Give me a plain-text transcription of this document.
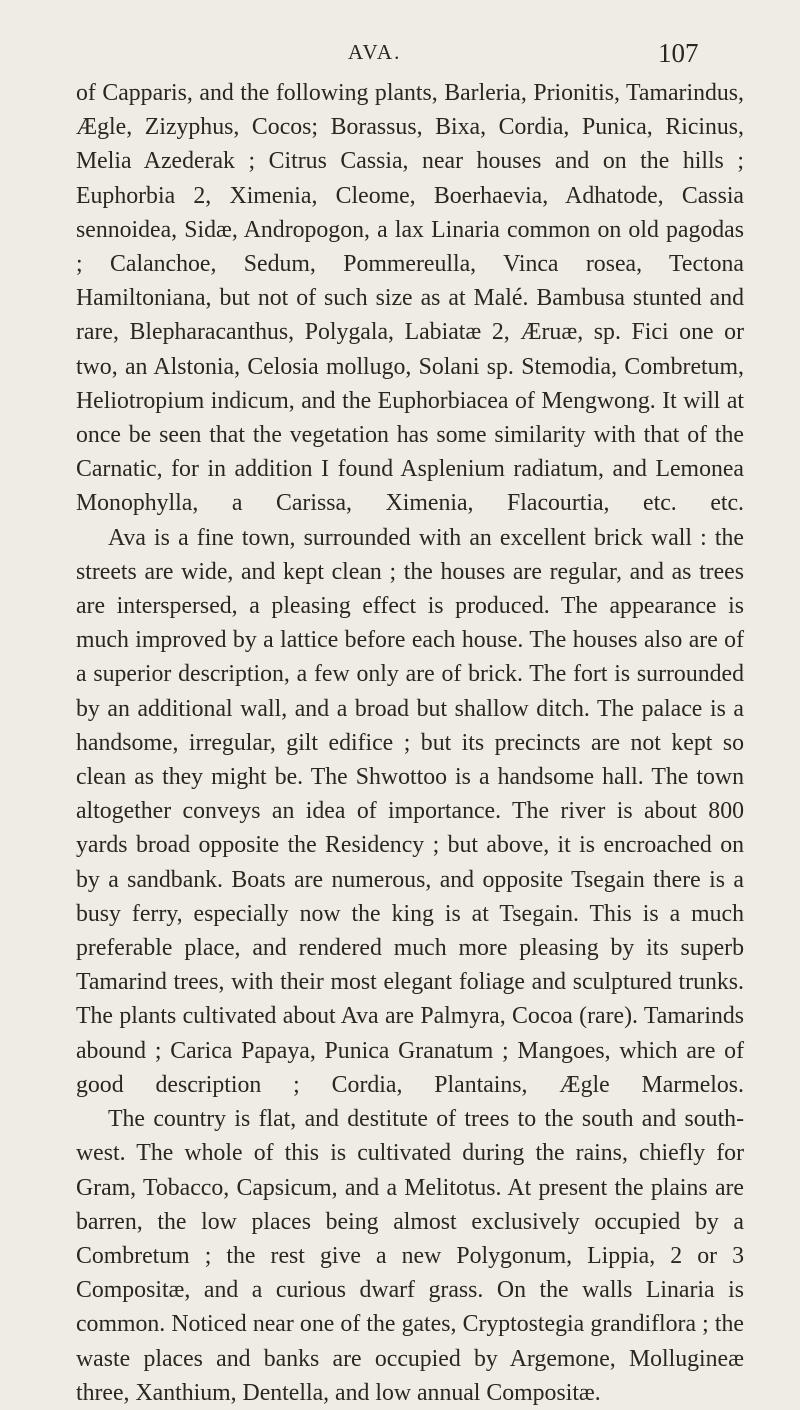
AVA.	107

of Capparis, and the following plants, Barleria, Prionitis, Tamarindus, Ægle, Zizyphus, Cocos; Borassus, Bixa, Cordia, Punica, Ricinus, Melia Azederak ; Citrus Cassia, near houses and on the hills ; Euphorbia 2, Ximenia, Cleome, Boerhaevia, Adhatode, Cassia sennoidea, Sidæ, Andropogon, a lax Linaria common on old pagodas ; Calanchoe, Sedum, Pommereulla, Vinca rosea, Tectona Hamiltoniana, but not of such size as at Malé. Bambusa stunted and rare, Blepharacanthus, Polygala, Labiatæ 2, Æruæ, sp. Fici one or two, an Alstonia, Celosia mollugo, Solani sp. Stemodia, Combretum, Heliotropium indicum, and the Euphorbiacea of Mengwong. It will at once be seen that the vegetation has some similarity with that of the Carnatic, for in addition I found Asplenium radiatum, and Lemonea Monophylla, a Carissa, Ximenia, Flacourtia, etc. etc.

Ava is a fine town, surrounded with an excellent brick wall : the streets are wide, and kept clean ; the houses are regular, and as trees are interspersed, a pleasing effect is produced. The appearance is much improved by a lattice before each house. The houses also are of a superior description, a few only are of brick. The fort is surrounded by an additional wall, and a broad but shallow ditch. The palace is a handsome, irregular, gilt edifice ; but its precincts are not kept so clean as they might be. The Shwottoo is a handsome hall. The town altogether conveys an idea of importance. The river is about 800 yards broad opposite the Residency ; but above, it is encroached on by a sandbank. Boats are numerous, and opposite Tsegain there is a busy ferry, especially now the king is at Tsegain. This is a much preferable place, and rendered much more pleasing by its superb Tamarind trees, with their most elegant foliage and sculptured trunks. The plants cultivated about Ava are Palmyra, Cocoa (rare). Tamarinds abound ; Carica Papaya, Punica Granatum ; Mangoes, which are of good description ; Cordia, Plantains, Ægle Marmelos.

The country is flat, and destitute of trees to the south and south-west. The whole of this is cultivated during the rains, chiefly for Gram, Tobacco, Capsicum, and a Melitotus. At present the plains are barren, the low places being almost exclusively occupied by a Combretum ; the rest give a new Polygonum, Lippia, 2 or 3 Compositæ, and a curious dwarf grass. On the walls Linaria is common. Noticed near one of the gates, Cryptostegia grandiflora ; the waste places and banks are occupied by Argemone, Mollugineæ three, Xanthium, Dentella, and low annual Compositæ.
